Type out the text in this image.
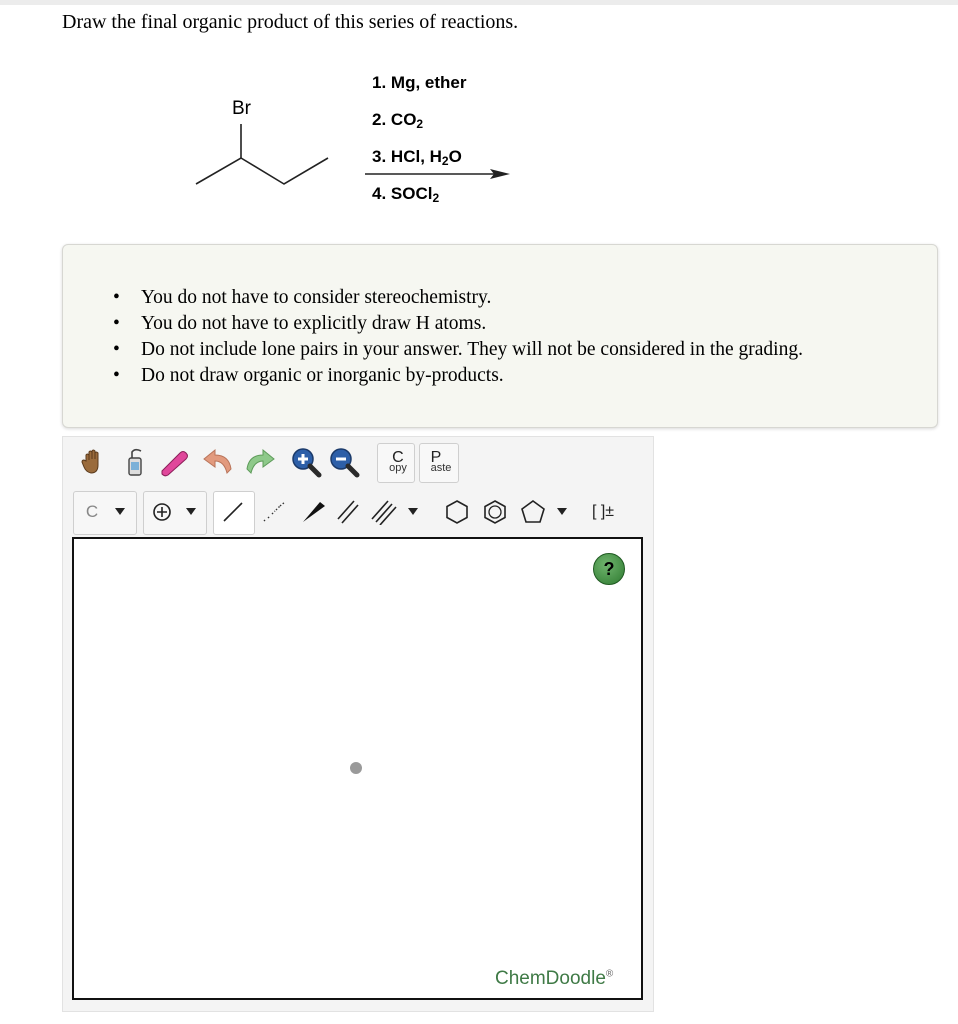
Draw the final organic product of this series of reactions.
Br
1. Mg, ether
2. $CO_2$
3. HCl, $H_2O$
4. SOCl$_2$
• You do not have to consider stereochemistry.
• You do not have to explicitly draw H atoms.
• Do not include lone pairs in your answer. They will not be considered in the grading.
• Do not draw organic or inorganic by-products.
C
opy
P
aste
C	[ ]±
?
ChemDoodle®
